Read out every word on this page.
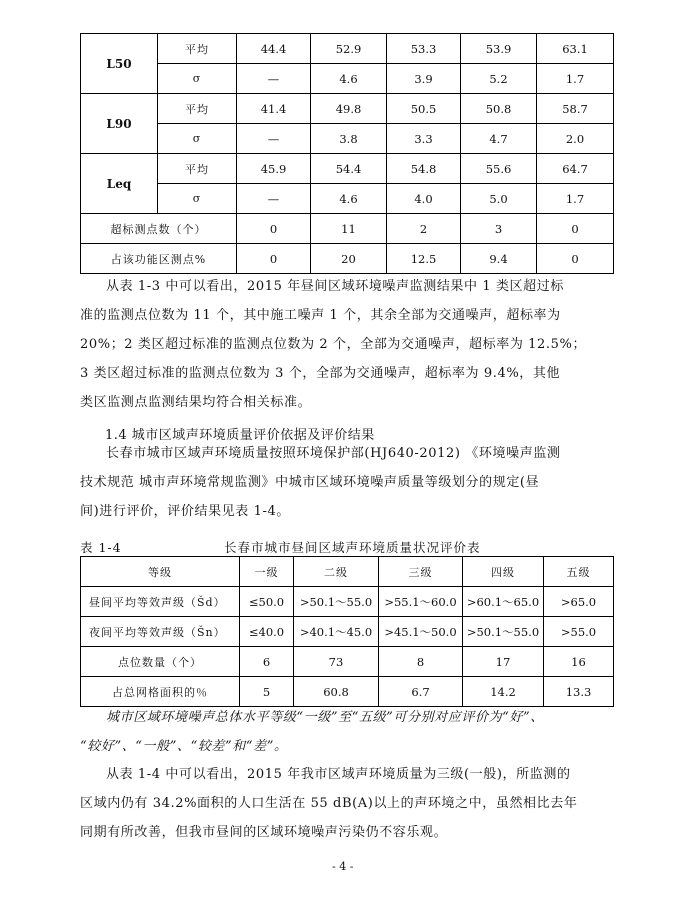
L50	平均	44.4	52.9	53.3	53.9	63.1
	σ	—	4.6	3.9	5.2	1.7
L90	平均	41.4	49.8	50.5	50.8	58.7
	σ	—	3.8	3.3	4.7	2.0
Leq	平均	45.9	54.4	54.8	55.6	64.7
	σ	—	4.6	4.0	5.0	1.7
超标测点数（个）		0	11	2	3	0
占该功能区测点%		0	20	12.5	9.4	0
从表 1-3 中可以看出，2015 年昼间区域环境噪声监测结果中 1 类区超过标
准的监测点位数为 11 个，其中施工噪声 1 个，其余全部为交通噪声，超标率为
20%；2 类区超过标准的监测点位数为 2 个，全部为交通噪声，超标率为 12.5%；
3 类区超过标准的监测点位数为 3 个，全部为交通噪声，超标率为 9.4%，其他
类区监测点监测结果均符合相关标准。
1.4 城市区域声环境质量评价依据及评价结果
长春市城市区域声环境质量按照环境保护部(HJ640-2012) 《环境噪声监测
技术规范 城市声环境常规监测》中城市区域环境噪声质量等级划分的规定(昼
间)进行评价，评价结果见表 1-4。
表 1-4	长春市城市昼间区域声环境质量状况评价表
等级	一级	二级	三级	四级	五级
昼间平均等效声级（Šd）	≤50.0	>50.1～55.0	>55.1～60.0	>60.1～65.0	>65.0
夜间平均等效声级（Šn）	≤40.0	>40.1～45.0	>45.1～50.0	>50.1～55.0	>55.0
点位数量（个）	6	73	8	17	16
占总网格面积的％	5	60.8	6.7	14.2	13.3
城市区域环境噪声总体水平等级“一级”至“五级”可分别对应评价为“好”、
“较好”、“一般”、“较差”和“差”。
从表 1-4 中可以看出，2015 年我市区域声环境质量为三级(一般)，所监测的
区域内仍有 34.2%面积的人口生活在 55 dB(A)以上的声环境之中，虽然相比去年
同期有所改善，但我市昼间的区域环境噪声污染仍不容乐观。
- 4 -
